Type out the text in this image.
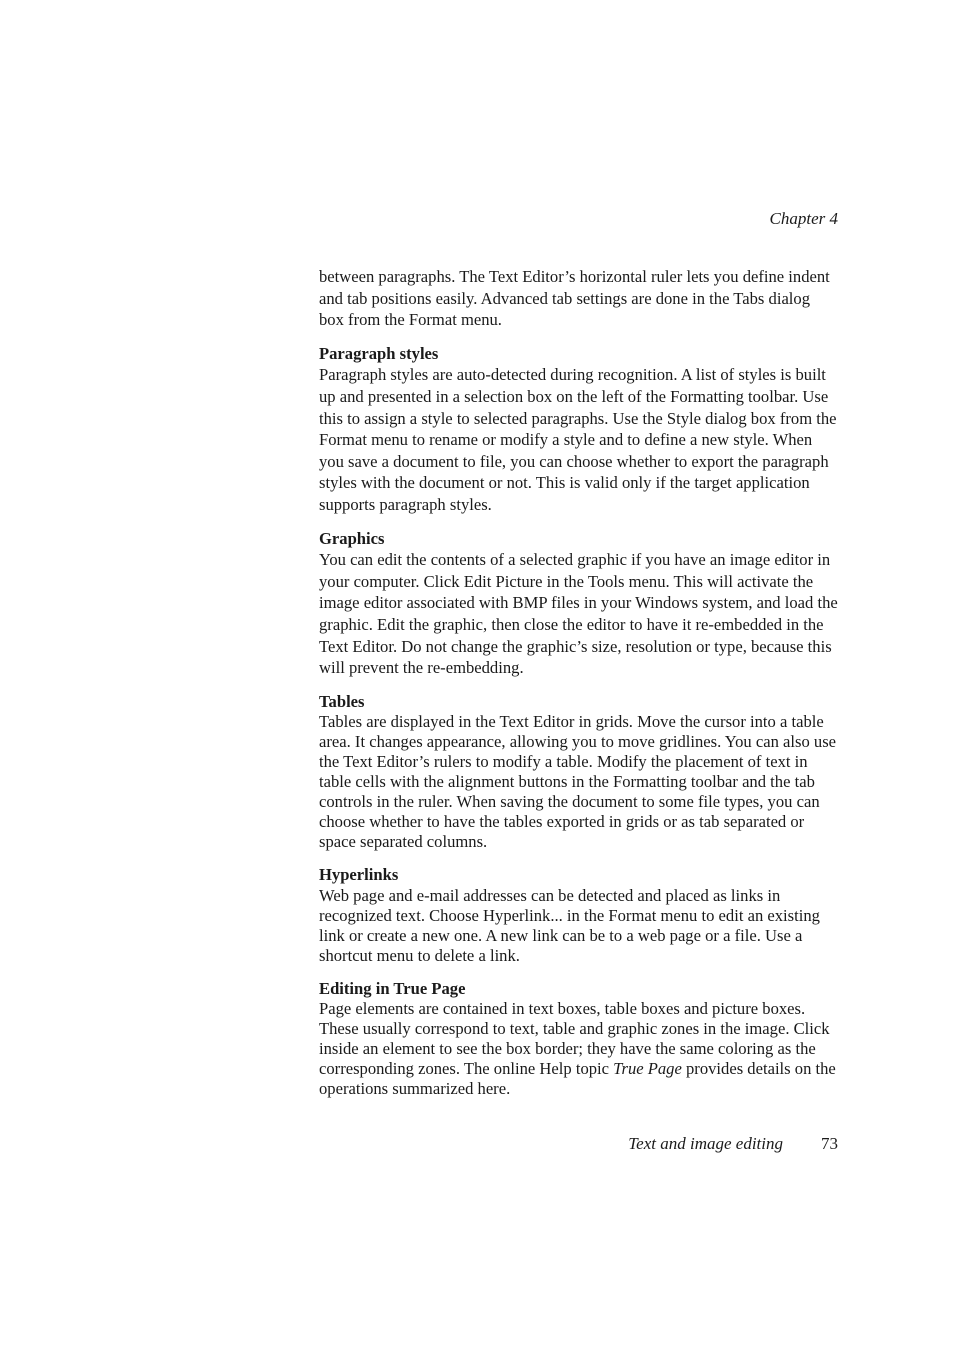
Chapter 4

between paragraphs. The Text Editor’s horizontal ruler lets you define indent and tab positions easily. Advanced tab settings are done in the Tabs dialog box from the Format menu.

Paragraph styles

Paragraph styles are auto-detected during recognition. A list of styles is built up and presented in a selection box on the left of the Formatting toolbar. Use this to assign a style to selected paragraphs. Use the Style dialog box from the Format menu to rename or modify a style and to define a new style. When you save a document to file, you can choose whether to export the paragraph styles with the document or not. This is valid only if the target application supports paragraph styles.

Graphics

You can edit the contents of a selected graphic if you have an image editor in your computer. Click Edit Picture in the Tools menu. This will activate the image editor associated with BMP files in your Windows system, and load the graphic. Edit the graphic, then close the editor to have it re-embedded in the Text Editor. Do not change the graphic’s size, resolution or type, because this will prevent the re-embedding.

Tables

Tables are displayed in the Text Editor in grids. Move the cursor into a table area. It changes appearance, allowing you to move gridlines. You can also use the Text Editor’s rulers to modify a table. Modify the placement of text in table cells with the alignment buttons in the Formatting toolbar and the tab controls in the ruler. When saving the document to some file types, you can choose whether to have the tables exported in grids or as tab separated or space separated columns.

Hyperlinks

Web page and e-mail addresses can be detected and placed as links in recognized text. Choose Hyperlink... in the Format menu to edit an existing link or create a new one. A new link can be to a web page or a file. Use a shortcut menu to delete a link.

Editing in True Page

Page elements are contained in text boxes, table boxes and picture boxes. These usually correspond to text, table and graphic zones in the image. Click inside an element to see the box border; they have the same coloring as the corresponding zones. The online Help topic True Page provides details on the operations summarized here.

Text and image editing 73
